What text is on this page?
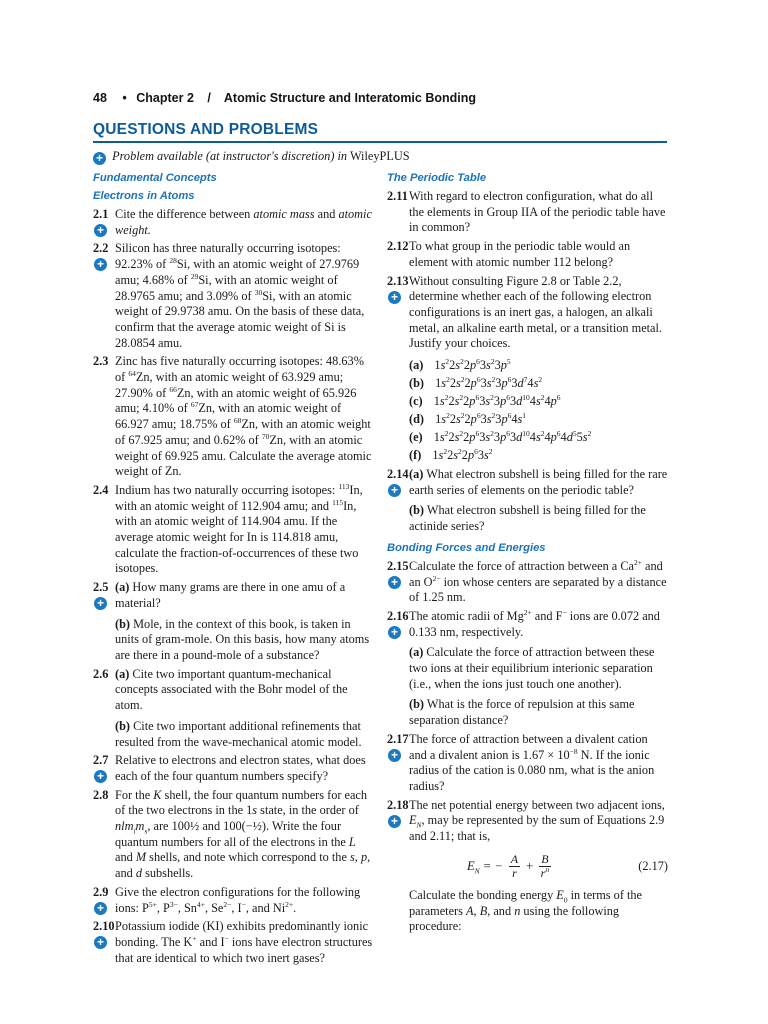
48 • Chapter 2 / Atomic Structure and Interatomic Bonding
QUESTIONS AND PROBLEMS
+ Problem available (at instructor's discretion) in WileyPLUS
Fundamental Concepts
Electrons in Atoms
2.1
+
Cite the difference between atomic mass and atomic weight.
2.2
+
Silicon has three naturally occurring isotopes: 92.23% of $^{28}$Si, with an atomic weight of 27.9769 amu; 4.68% of $^{29}$Si, with an atomic weight of 28.9765 amu; and 3.09% of $^{30}$Si, with an atomic weight of 29.9738 amu. On the basis of these data, confirm that the average atomic weight of Si is 28.0854 amu.
2.3 Zinc has five naturally occurring isotopes: 48.63% of $^{64}$Zn, with an atomic weight of 63.929 amu; 27.90% of $^{66}$Zn, with an atomic weight of 65.926 amu; 4.10% of $^{67}$Zn, with an atomic weight of 66.927 amu; 18.75% of $^{68}$Zn, with an atomic weight of 67.925 amu; and 0.62% of $^{70}$Zn, with an atomic weight of 69.925 amu. Calculate the average atomic weight of Zn.
2.4 Indium has two naturally occurring isotopes: $^{113}$In, with an atomic weight of 112.904 amu; and $^{115}$In, with an atomic weight of 114.904 amu. If the average atomic weight for In is 114.818 amu, calculate the fraction-of-occurrences of these two isotopes.
2.5
+
(a) How many grams are there in one amu of a material?
(b) Mole, in the context of this book, is taken in units of gram-mole. On this basis, how many atoms are there in a pound-mole of a substance?
2.6 (a) Cite two important quantum-mechanical concepts associated with the Bohr model of the atom.
(b) Cite two important additional refinements that resulted from the wave-mechanical atomic model.
2.7
+
Relative to electrons and electron states, what does each of the four quantum numbers specify?
2.8 For the K shell, the four quantum numbers for each of the two electrons in the 1s state, in the order of $nlm_lm_s$, are 100½ and 100(−½). Write the four quantum numbers for all of the electrons in the L and M shells, and note which correspond to the s, p, and d subshells.
2.9
+
Give the electron configurations for the following ions: $P^{5+}$, $P^{3-}$, $Sn^{4+}$, $Se^{2-}$, I−, and $Ni^{2+}$.
2.10
+
Potassium iodide (KI) exhibits predominantly ionic bonding. The K+ and I− ions have electron structures that are identical to which two inert gases?
The Periodic Table
2.11 With regard to electron configuration, what do all the elements in Group IIA of the periodic table have in common?
2.12 To what group in the periodic table would an element with atomic number 112 belong?
2.13
+
Without consulting Figure 2.8 or Table 2.2, determine whether each of the following electron configurations is an inert gas, a halogen, an alkali metal, an alkaline earth metal, or a transition metal. Justify your choices.
(a) $1s^22s^22p^63s^23p^5$
(b) $1s^22s^22p^63s^23p^63d^74s^2$
(c) $1s^22s^22p^63s^23p^63d^{10}4s^24p^6$
(d) $1s^22s^22p^63s^23p^64s^1$
(e) $1s^22s^22p^63s^23p^63d^{10}4s^24p^64d^55s^2$
(f) $1s^22s^22p^63s^2$
2.14
+
(a) What electron subshell is being filled for the rare earth series of elements on the periodic table?
(b) What electron subshell is being filled for the actinide series?
Bonding Forces and Energies
2.15
+
Calculate the force of attraction between a $Ca^{2+}$ and an $O^{2-}$ ion whose centers are separated by a distance of 1.25 nm.
2.16
+
The atomic radii of $Mg^{2+}$ and F− ions are 0.072 and 0.133 nm, respectively.
(a) Calculate the force of attraction between these two ions at their equilibrium interionic separation (i.e., when the ions just touch one another).
(b) What is the force of repulsion at this same separation distance?
2.17
+
The force of attraction between a divalent cation and a divalent anion is $1.67 \times 10^{-8}$ N. If the ionic radius of the cation is 0.080 nm, what is the anion radius?
2.18
+
The net potential energy between two adjacent ions, $E_N$, may be represented by the sum of Equations 2.9 and 2.11; that is,
$E_N$ = − $\frac{A}{r} + \frac{B}{r^n}$	(2.17)
Calculate the bonding energy $E_0$ in terms of the parameters A, B, and n using the following procedure:
